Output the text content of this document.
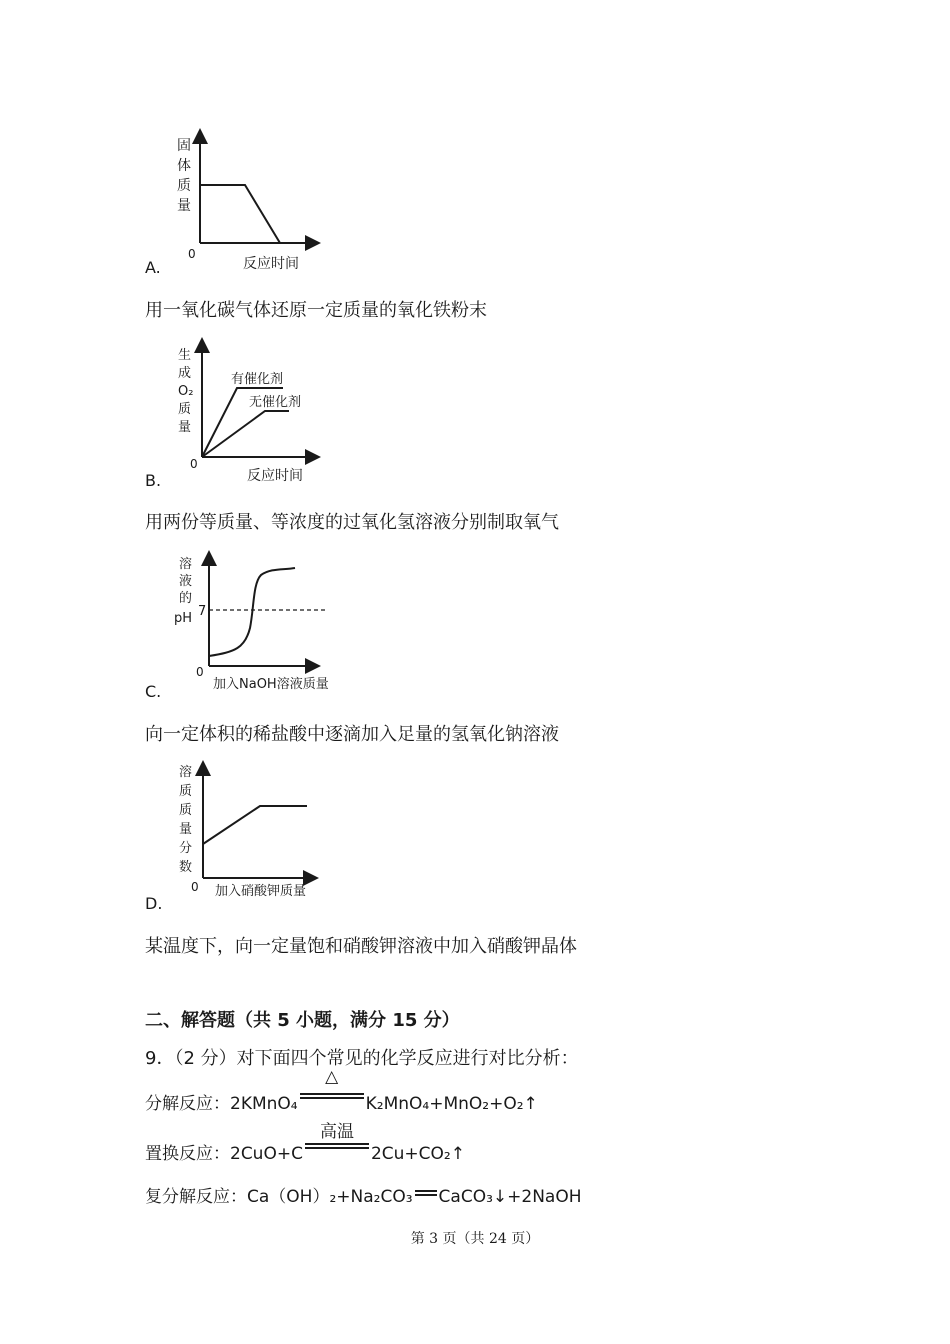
固体质量
0
反应时间
A.
用一氧化碳气体还原一定质量的氧化铁粉末
生成 O₂ 质量
有催化剂
无催化剂
0
反应时间
B.
用两份等质量、等浓度的过氧化氢溶液分别制取氧气
溶液的 pH 7
0
加入NaOH溶液质量
C.
向一定体积的稀盐酸中逐滴加入足量的氢氧化钠溶液
溶质质量分数
0 加入硝酸钾质量
D.
某温度下，向一定量饱和硝酸钾溶液中加入硝酸钾晶体
二、解答题（共 5 小题，满分 15 分）
9．（2 分）对下面四个常见的化学反应进行对比分析：
分解反应： 2KMnO₄
△
K₂MnO₄+MnO₂+O₂↑
置换反应： 2CuO+C
高温
2Cu+CO₂↑
复分解反应： Ca（OH）₂+Na₂CO₃ CaCO₃↓+2NaOH
第 3 页（共 24 页）
